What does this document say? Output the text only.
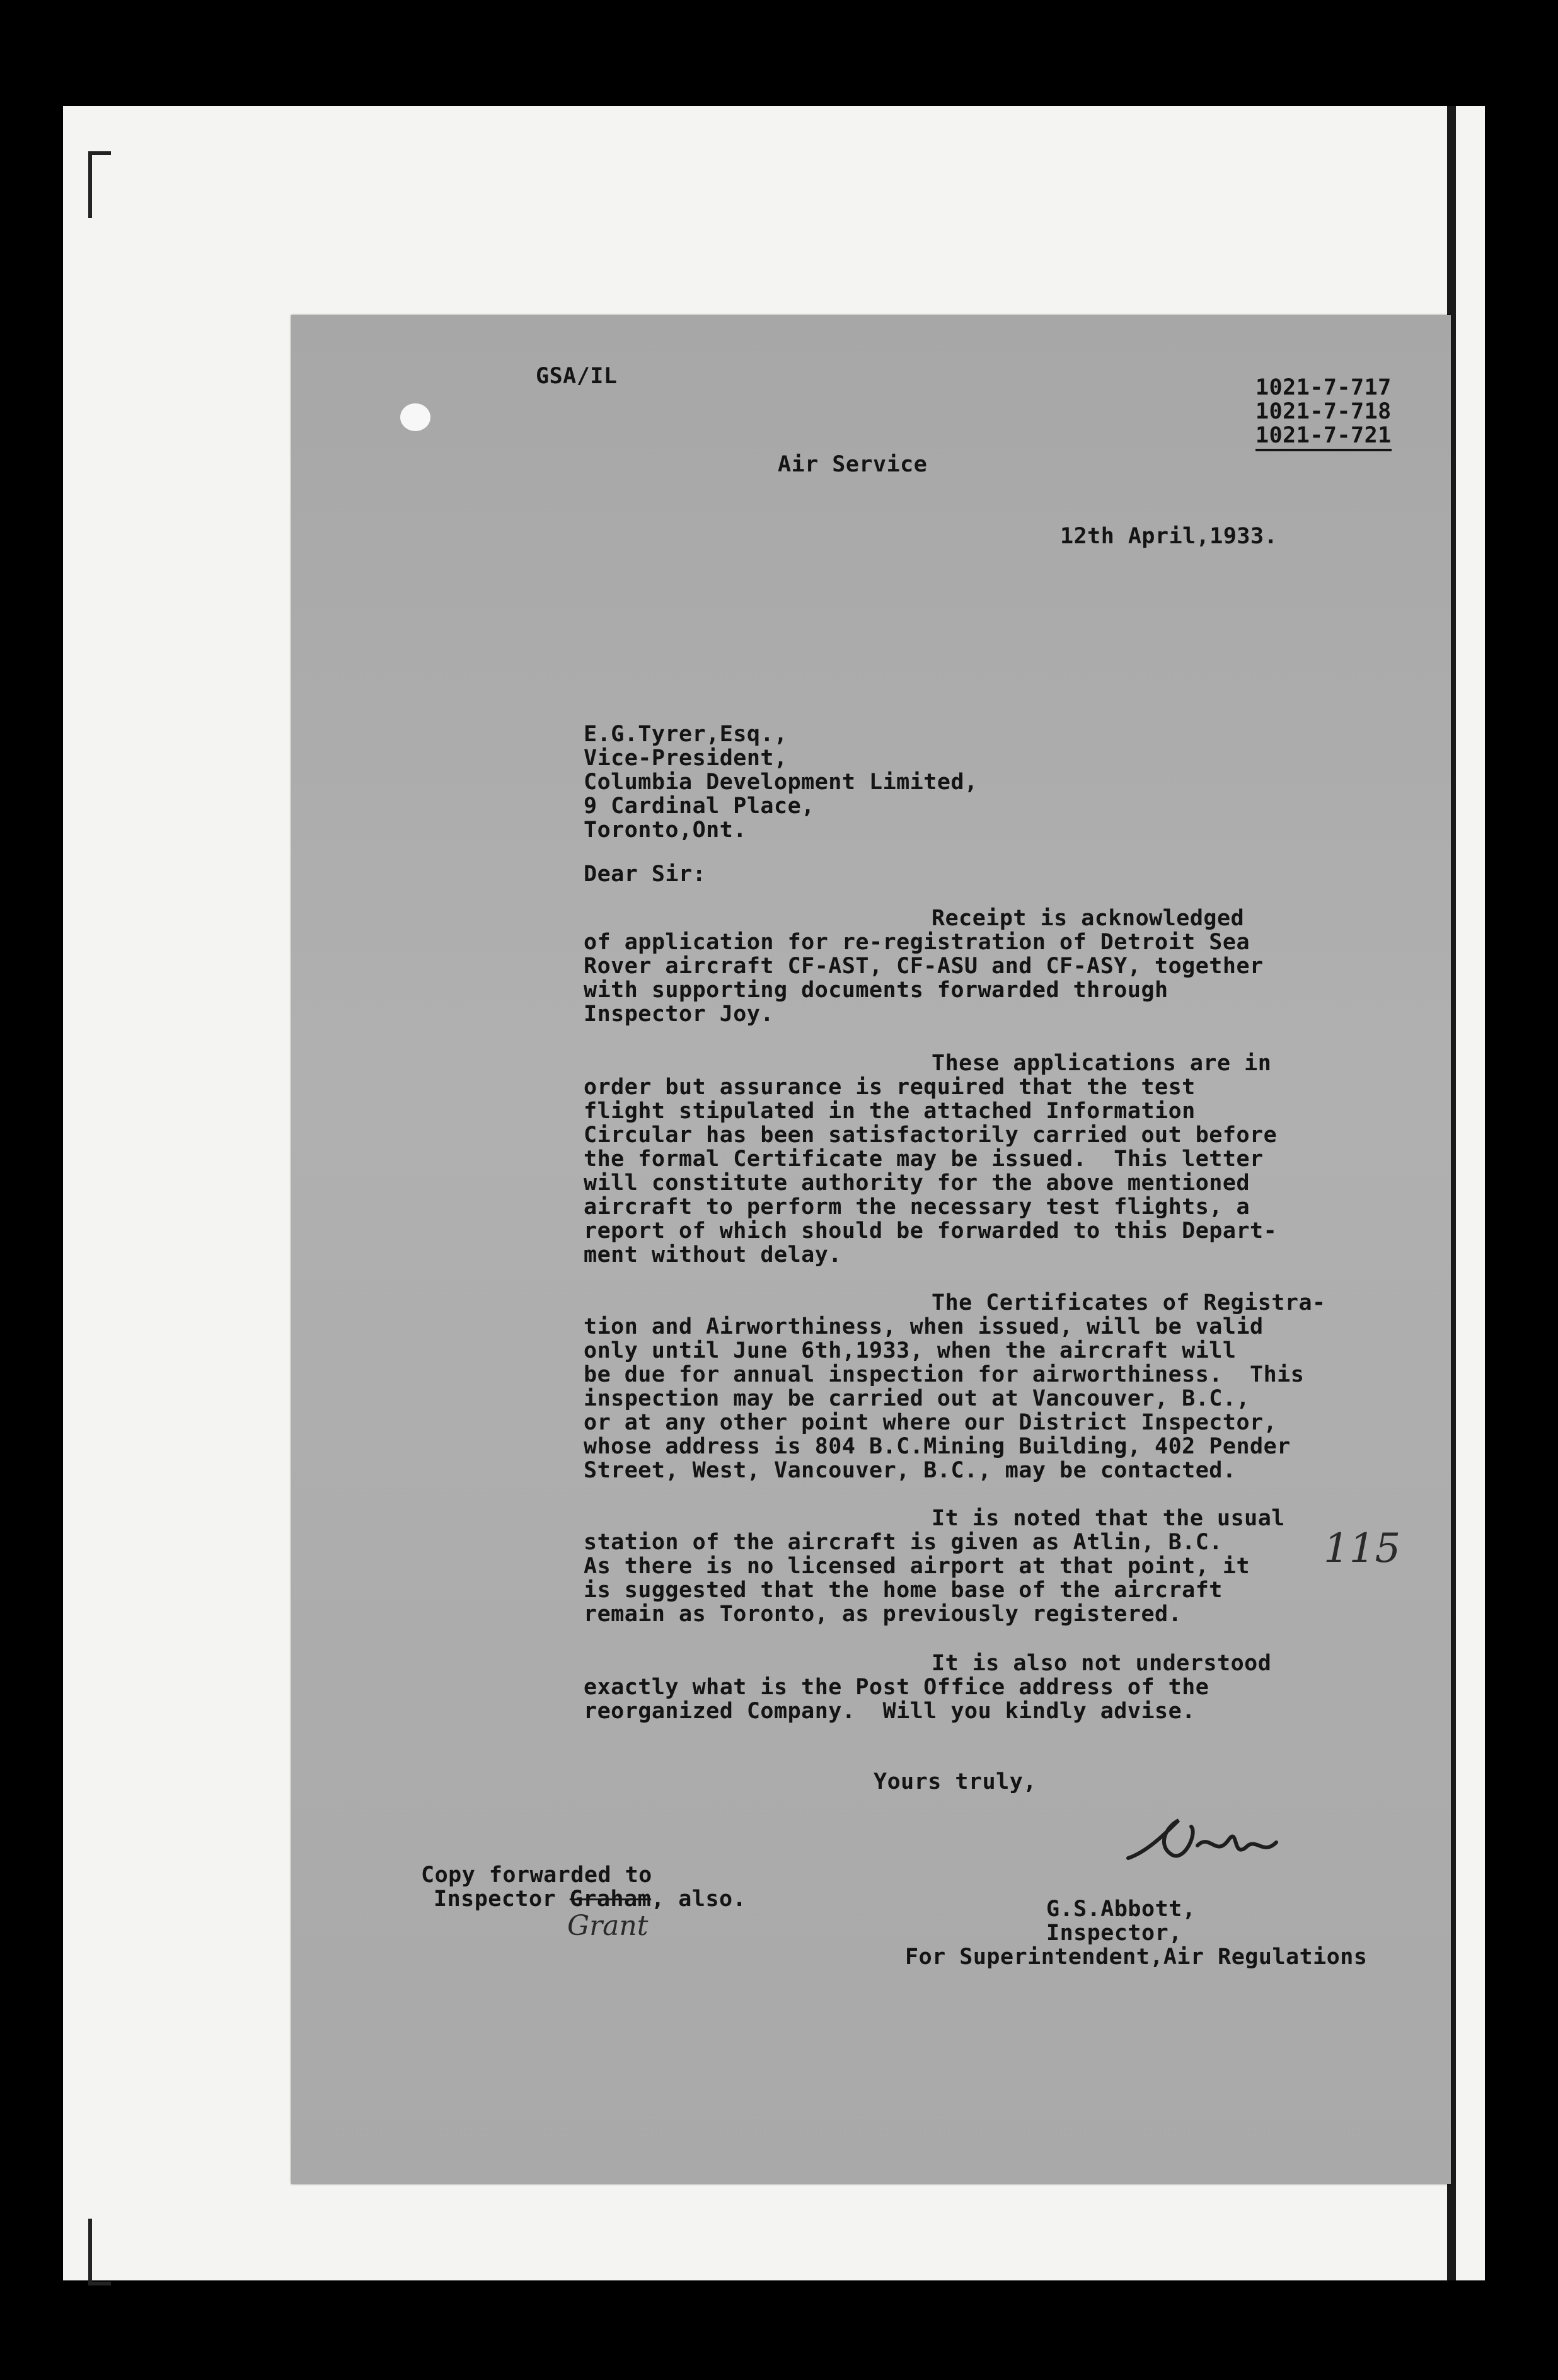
GSA/IL	1021-7-717
1021-7-718
1021-7-721
Air Service
12th April,1933.
E.G.Tyrer,Esq.,
Vice-President,
Columbia Development Limited,
9 Cardinal Place,
Toronto,Ont.
Dear Sir:
Receipt is acknowledged
of application for re-registration of Detroit Sea
Rover aircraft CF-AST, CF-ASU and CF-ASY, together
with supporting documents forwarded through
Inspector Joy.
These applications are in
order but assurance is required that the test
flight stipulated in the attached Information
Circular has been satisfactorily carried out before
the formal Certificate may be issued.  This letter
will constitute authority for the above mentioned
aircraft to perform the necessary test flights, a
report of which should be forwarded to this Depart-
ment without delay.
The Certificates of Registra-
tion and Airworthiness, when issued, will be valid
only until June 6th,1933, when the aircraft will
be due for annual inspection for airworthiness.  This
inspection may be carried out at Vancouver, B.C.,
or at any other point where our District Inspector,
whose address is 804 B.C.Mining Building, 402 Pender
Street, West, Vancouver, B.C., may be contacted.
It is noted that the usual
station of the aircraft is given as Atlin, B.C.
As there is no licensed airport at that point, it
is suggested that the home base of the aircraft
remain as Toronto, as previously registered.
115
It is also not understood
exactly what is the Post Office address of the
reorganized Company.  Will you kindly advise.
Yours truly,
Copy forwarded to
Inspector Graham, also.
Grant
G.S.Abbott,
Inspector,
For Superintendent,Air Regulations
